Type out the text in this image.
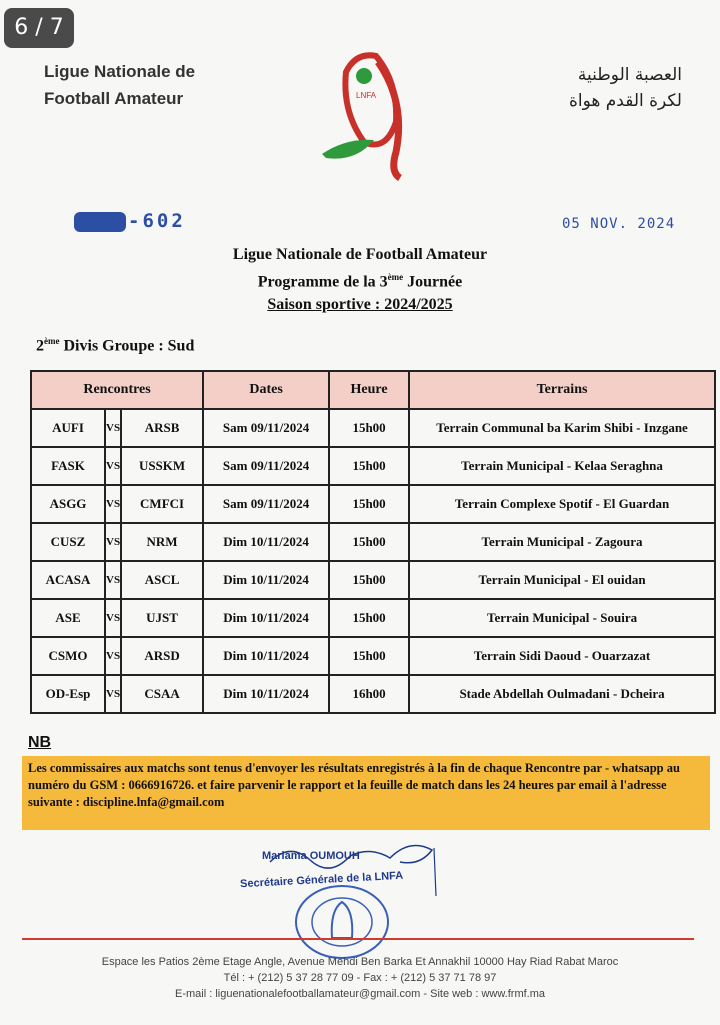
6 / 7
Ligue Nationale de
Football Amateur	LNFA
العصبة الوطنية
لكرة القدم هواة
-602	05 NOV. 2024
Ligue Nationale de Football Amateur
Programme de la 3ème Journée
Saison sportive : 2024/2025
2ème Divis Groupe : Sud
Rencontres			Dates	Heure	Terrains
AUFI	VS	ARSB	Sam 09/11/2024	15h00	Terrain Communal ba Karim Shibi - Inzgane
FASK	VS	USSKM	Sam 09/11/2024	15h00	Terrain Municipal - Kelaa Seraghna
ASGG	VS	CMFCI	Sam 09/11/2024	15h00	Terrain Complexe Spotif - El Guardan
CUSZ	VS	NRM	Dim 10/11/2024	15h00	Terrain Municipal - Zagoura
ACASA	VS	ASCL	Dim 10/11/2024	15h00	Terrain Municipal - El ouidan
ASE	VS	UJST	Dim 10/11/2024	15h00	Terrain Municipal - Souira
CSMO	VS	ARSD	Dim 10/11/2024	15h00	Terrain Sidi Daoud - Ouarzazat
OD-Esp	VS	CSAA	Dim 10/11/2024	16h00	Stade Abdellah Oulmadani - Dcheira
NB
Les commissaires aux matchs sont tenus d'envoyer les résultats enregistrés à la fin de chaque Rencontre par - whatsapp au numéro du GSM : 0666916726. et faire parvenir le rapport et la feuille de match dans les 24 heures par email à l'adresse suivante : discipline.lnfa@gmail.com
Mariama OUMOUH
Secrétaire Générale de la LNFA
Espace les Patios 2ème Etage Angle, Avenue Mehdi Ben Barka Et Annakhil 10000 Hay Riad Rabat Maroc
Tél : + (212) 5 37 28 77 09 - Fax : + (212) 5 37 71 78 97
E-mail : liguenationalefootballamateur@gmail.com - Site web : www.frmf.ma
